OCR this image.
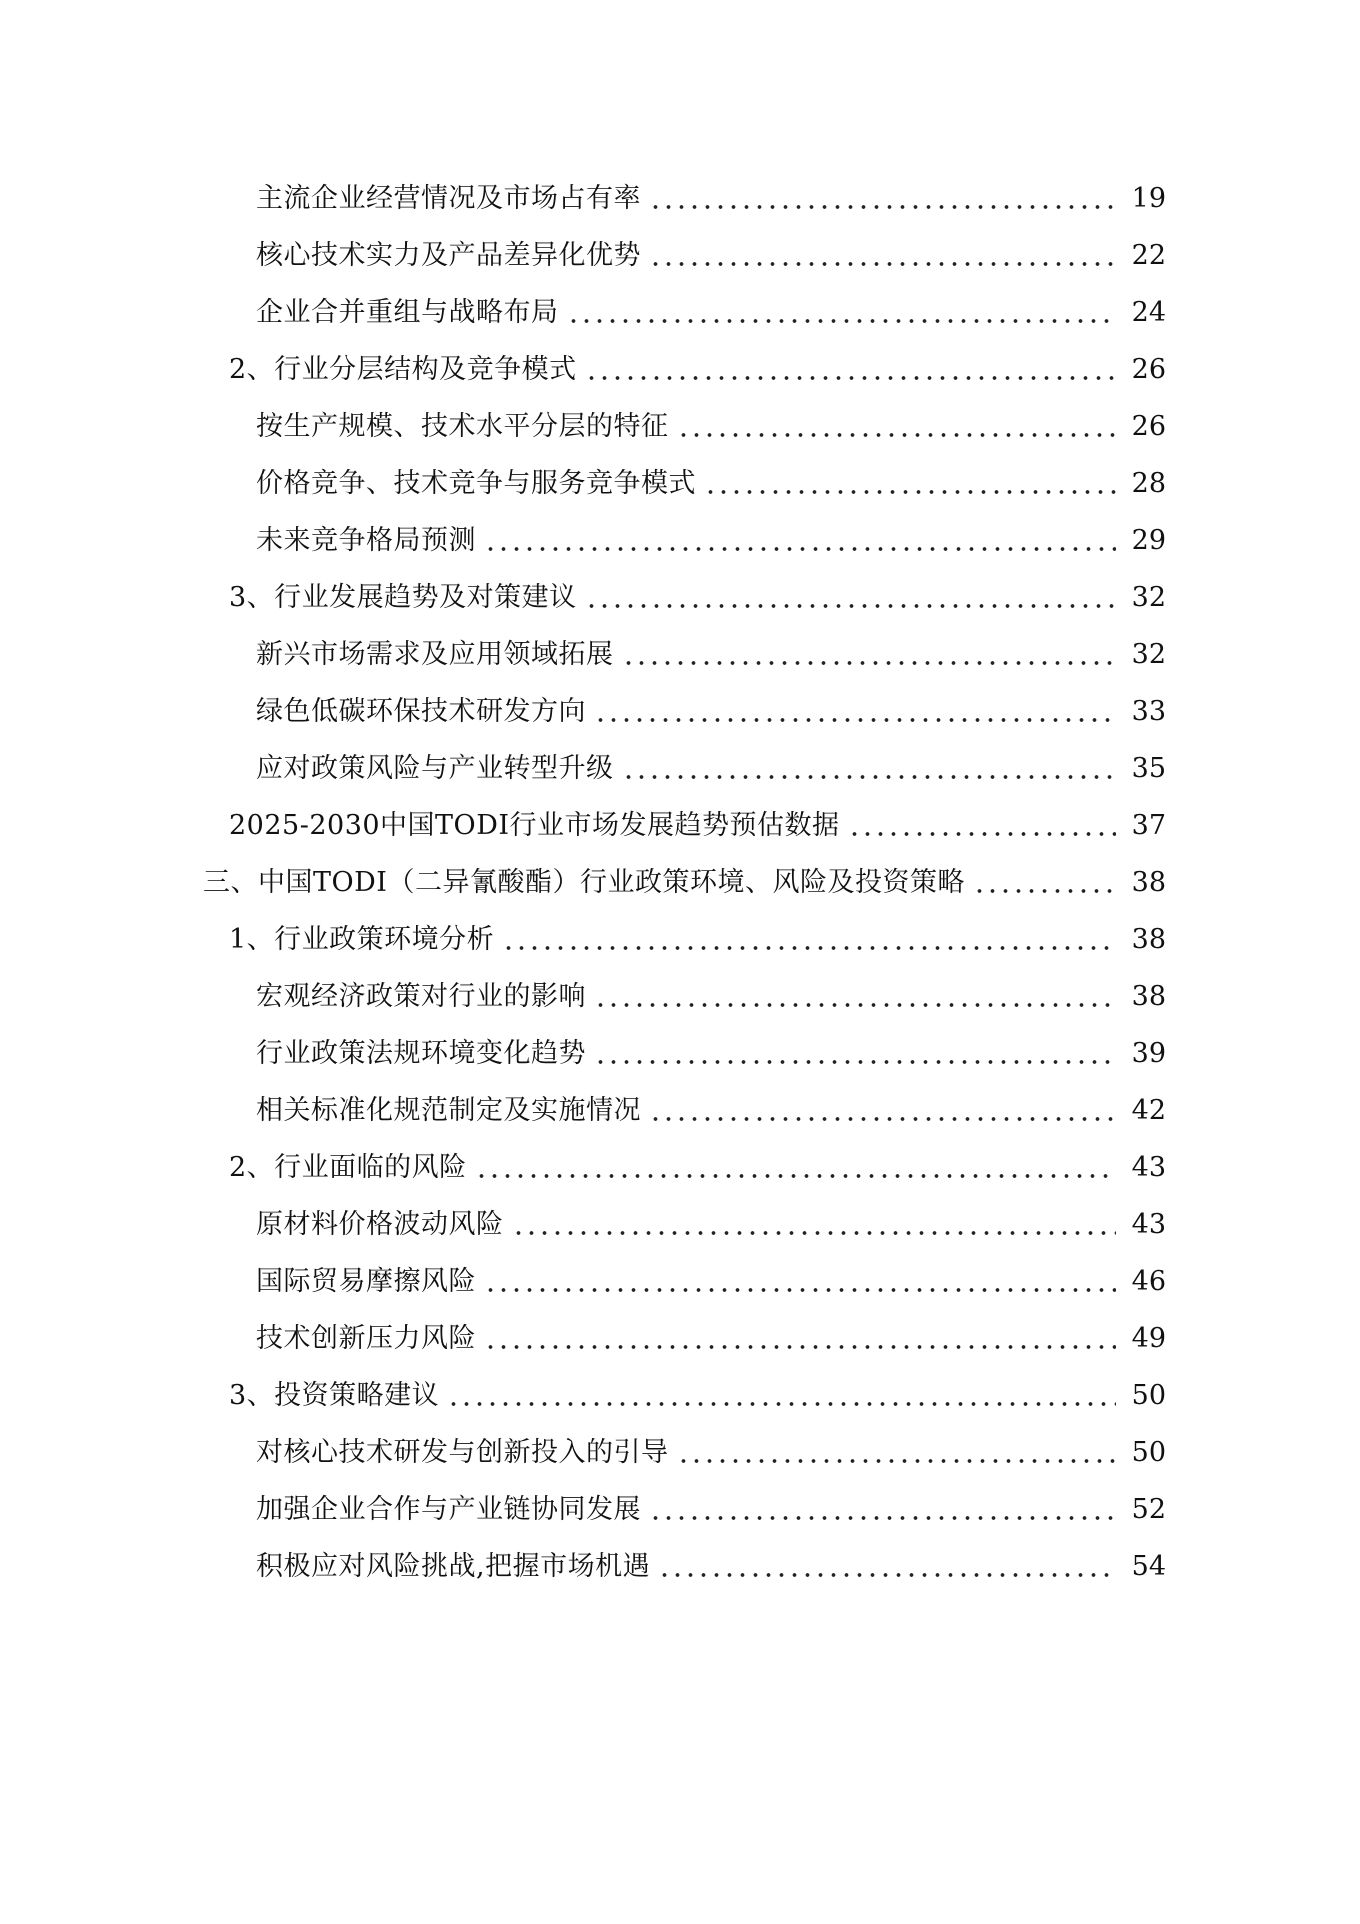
主流企业经营情况及市场占有率	19
核心技术实力及产品差异化优势	22
企业合并重组与战略布局	24
2、行业分层结构及竞争模式	26
按生产规模、技术水平分层的特征	26
价格竞争、技术竞争与服务竞争模式	28
未来竞争格局预测	29
3、行业发展趋势及对策建议	32
新兴市场需求及应用领域拓展	32
绿色低碳环保技术研发方向	33
应对政策风险与产业转型升级	35
2025-2030中国TODI行业市场发展趋势预估数据	37
三、中国TODI（二异氰酸酯）行业政策环境、风险及投资策略	38
1、行业政策环境分析	38
宏观经济政策对行业的影响	38
行业政策法规环境变化趋势	39
相关标准化规范制定及实施情况	42
2、行业面临的风险	43
原材料价格波动风险	43
国际贸易摩擦风险	46
技术创新压力风险	49
3、投资策略建议	50
对核心技术研发与创新投入的引导	50
加强企业合作与产业链协同发展	52
积极应对风险挑战,把握市场机遇	54
